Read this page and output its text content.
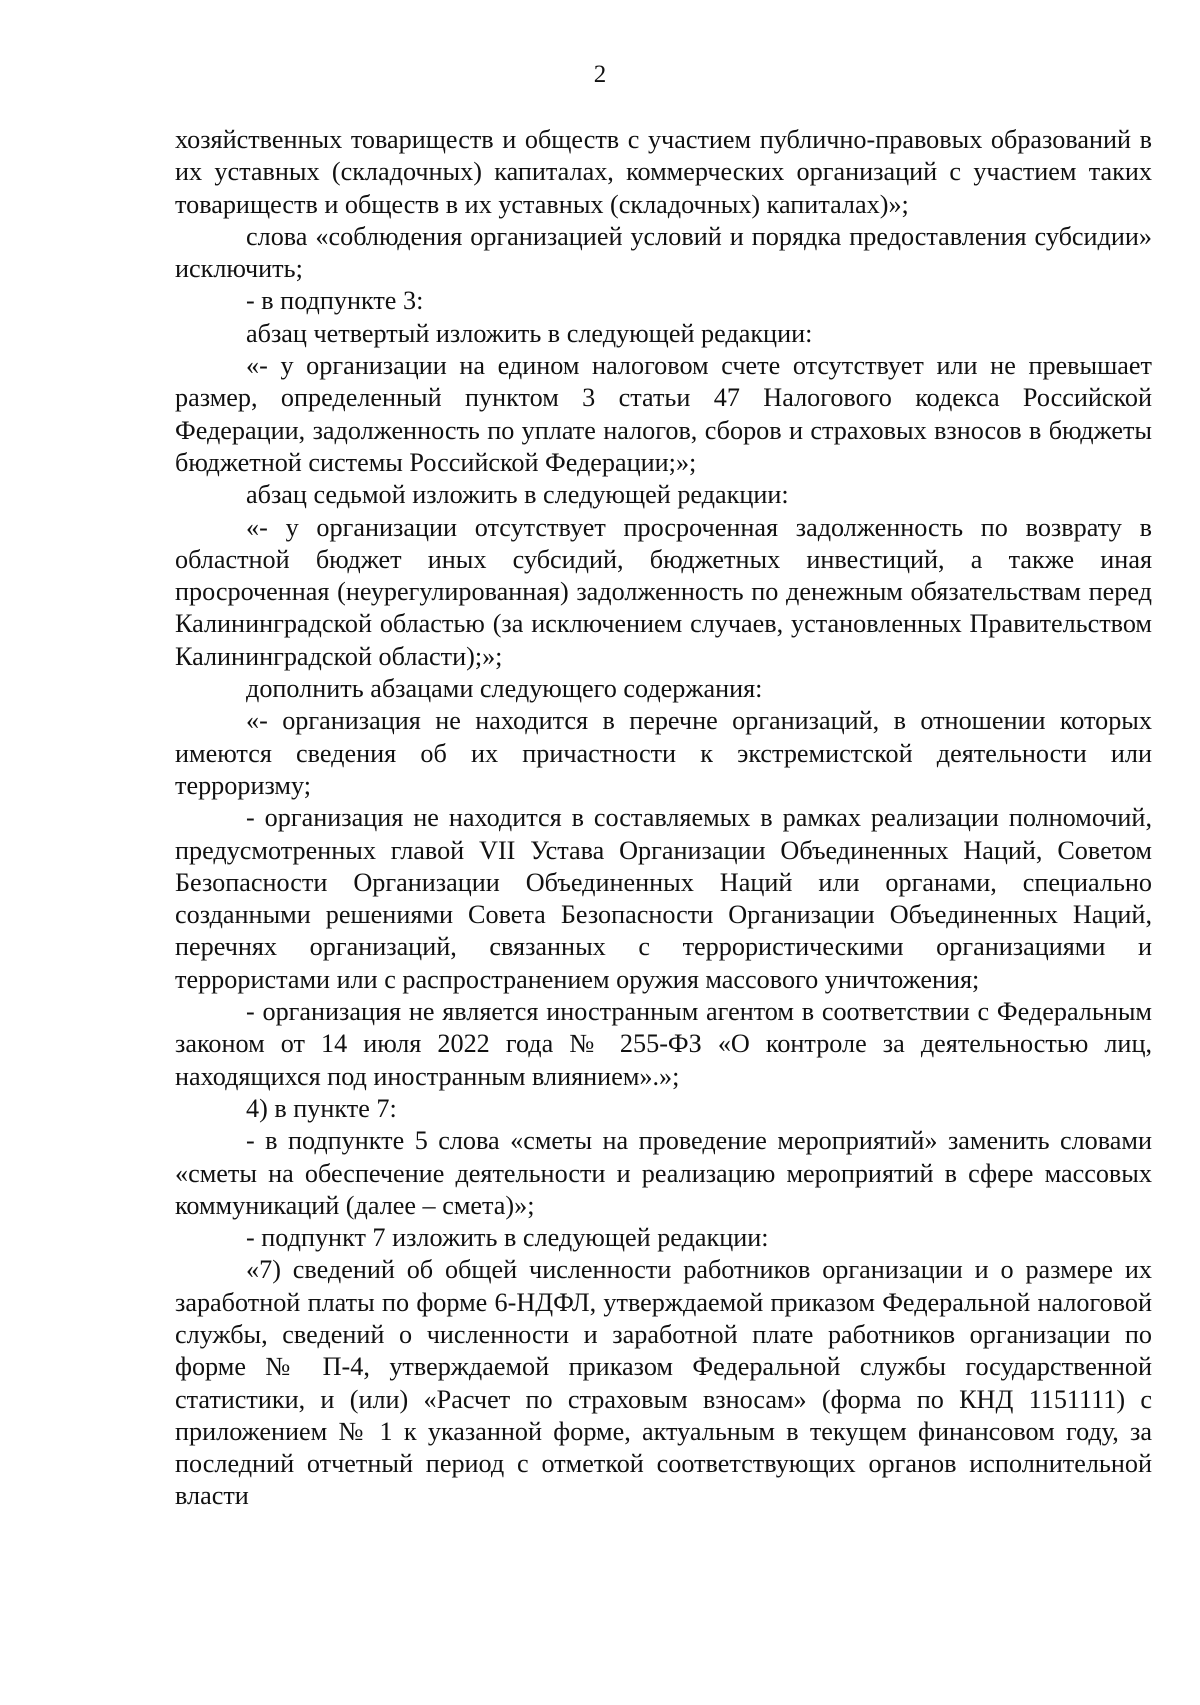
2

хозяйственных товариществ и обществ с участием публично-правовых образований в их уставных (складочных) капиталах, коммерческих организаций с участием таких товариществ и обществ в их уставных (складочных) капиталах)»;

слова «соблюдения организацией условий и порядка предоставления субсидии» исключить;

- в подпункте 3:

абзац четвертый изложить в следующей редакции:

«- у организации на едином налоговом счете отсутствует или не превышает размер, определенный пунктом 3 статьи 47 Налогового кодекса Российской Федерации, задолженность по уплате налогов, сборов и страховых взносов в бюджеты бюджетной системы Российской Федерации;»;

абзац седьмой изложить в следующей редакции:

«- у организации отсутствует просроченная задолженность по возврату в областной бюджет иных субсидий, бюджетных инвестиций, а также иная просроченная (неурегулированная) задолженность по денежным обязательствам перед Калининградской областью (за исключением случаев, установленных Правительством Калининградской области);»;

дополнить абзацами следующего содержания:

«- организация не находится в перечне организаций, в отношении которых имеются сведения об их причастности к экстремистской деятельности или терроризму;

- организация не находится в составляемых в рамках реализации полномочий, предусмотренных главой VII Устава Организации Объединенных Наций, Советом Безопасности Организации Объединенных Наций или органами, специально созданными решениями Совета Безопасности Организации Объединенных Наций, перечнях организаций, связанных с террористическими организациями и террористами или с распространением оружия массового уничтожения;

- организация не является иностранным агентом в соответствии с Федеральным законом от 14 июля 2022 года № 255-ФЗ «О контроле за деятельностью лиц, находящихся под иностранным влиянием».»;

4) в пункте 7:

- в подпункте 5 слова «сметы на проведение мероприятий» заменить словами «сметы на обеспечение деятельности и реализацию мероприятий в сфере массовых коммуникаций (далее – смета)»;

- подпункт 7 изложить в следующей редакции:

«7) сведений об общей численности работников организации и о размере их заработной платы по форме 6-НДФЛ, утверждаемой приказом Федеральной налоговой службы, сведений о численности и заработной плате работников организации по форме № П-4, утверждаемой приказом Федеральной службы государственной статистики, и (или) «Расчет по страховым взносам» (форма по КНД 1151111) с приложением № 1 к указанной форме, актуальным в текущем финансовом году, за последний отчетный период с отметкой соответствующих органов исполнительной власти
